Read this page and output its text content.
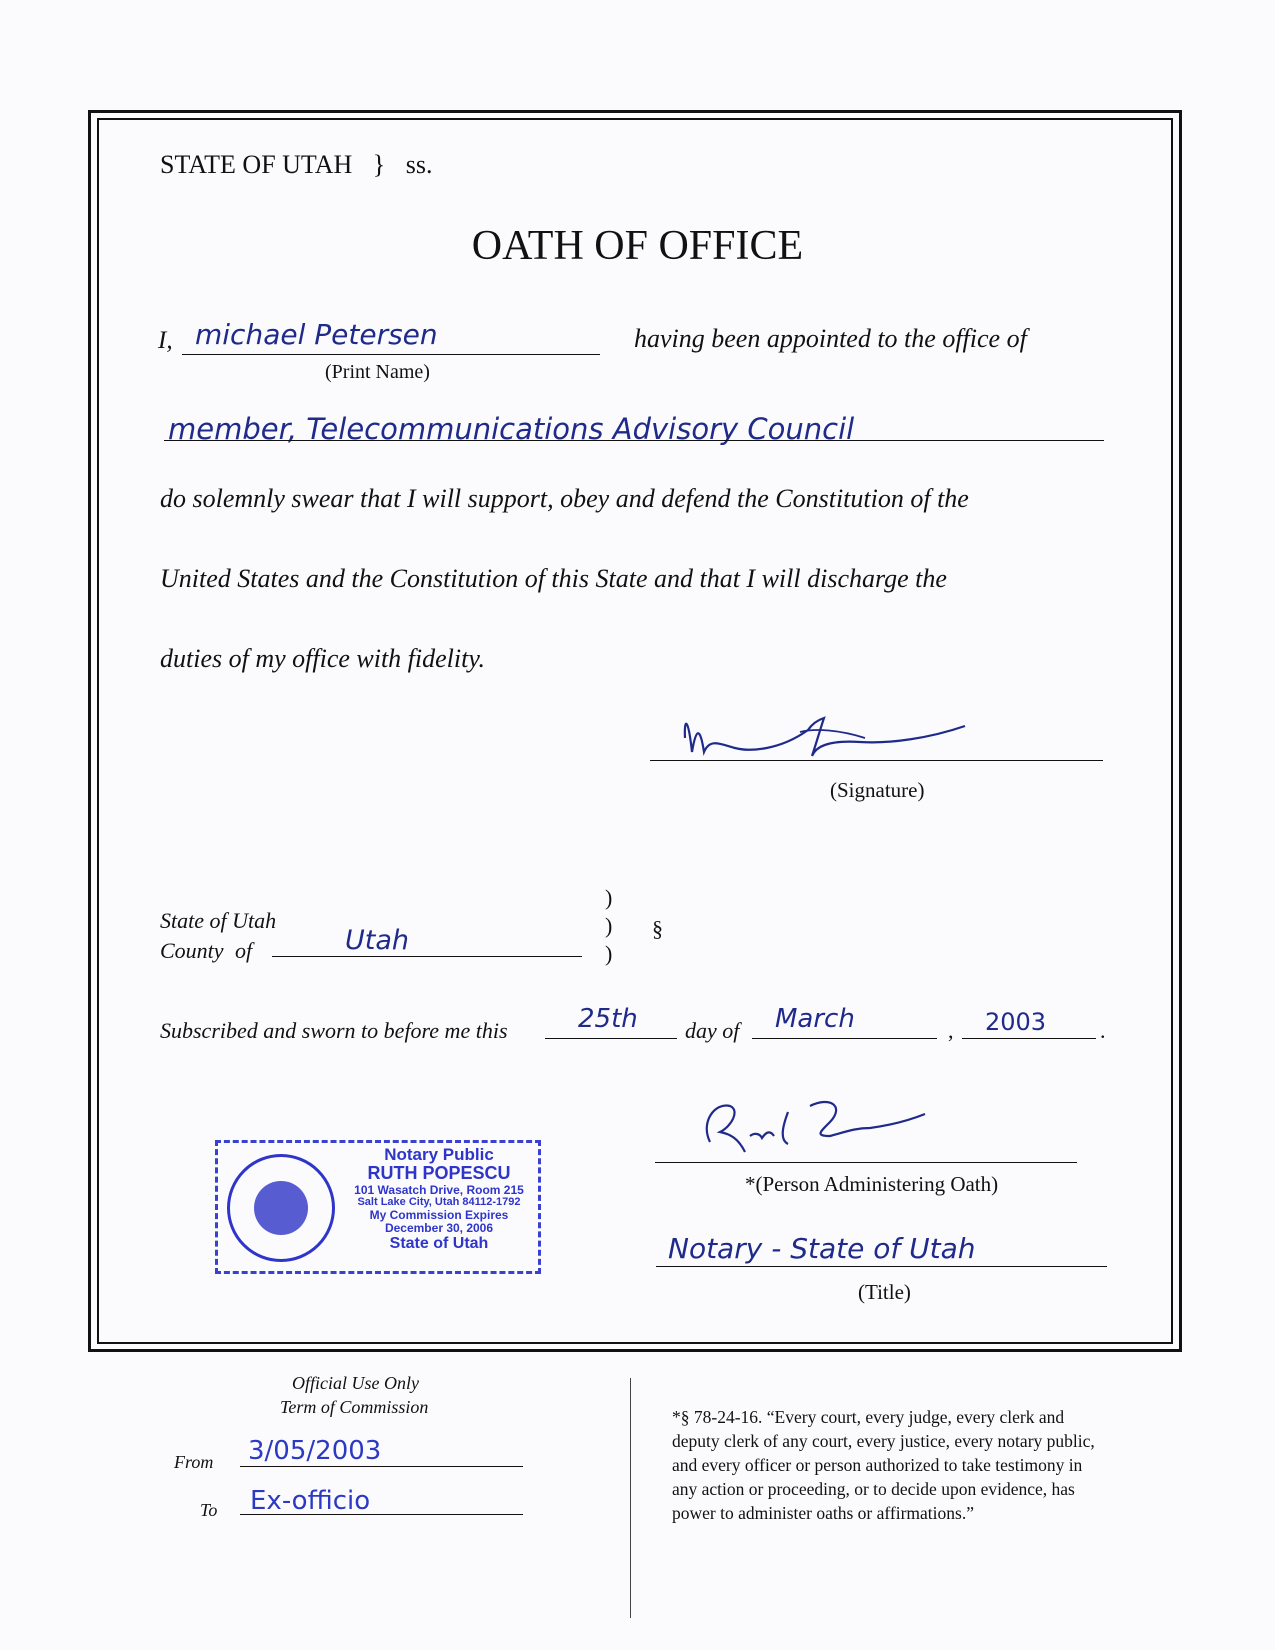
STATE OF UTAH } ss.
OATH OF OFFICE
I, michael Petersen
(Print Name)
having been appointed to the office of
member, Telecommunications Advisory Council
do solemnly swear that I will support, obey and defend the Constitution of the
United States and the Constitution of this State and that I will discharge the
duties of my office with fidelity.
(Signature)
State of Utah
County of	Utah
)
)
)
§
Subscribed and sworn to before me this	25th day of March	, 2003 .
Notary Public
RUTH POPESCU
101 Wasatch Drive, Room 215
Salt Lake City, Utah 84112-1792
My Commission Expires
December 30, 2006
State of Utah
*(Person Administering Oath)
Notary - State of Utah
(Title)
Official Use Only
Term of Commission
From 3/05/2003
To Ex-officio
*§ 78-24-16. “Every court, every judge, every clerk and
deputy clerk of any court, every justice, every notary public,
and every officer or person authorized to take testimony in
any action or proceeding, or to decide upon evidence, has
power to administer oaths or affirmations.”
